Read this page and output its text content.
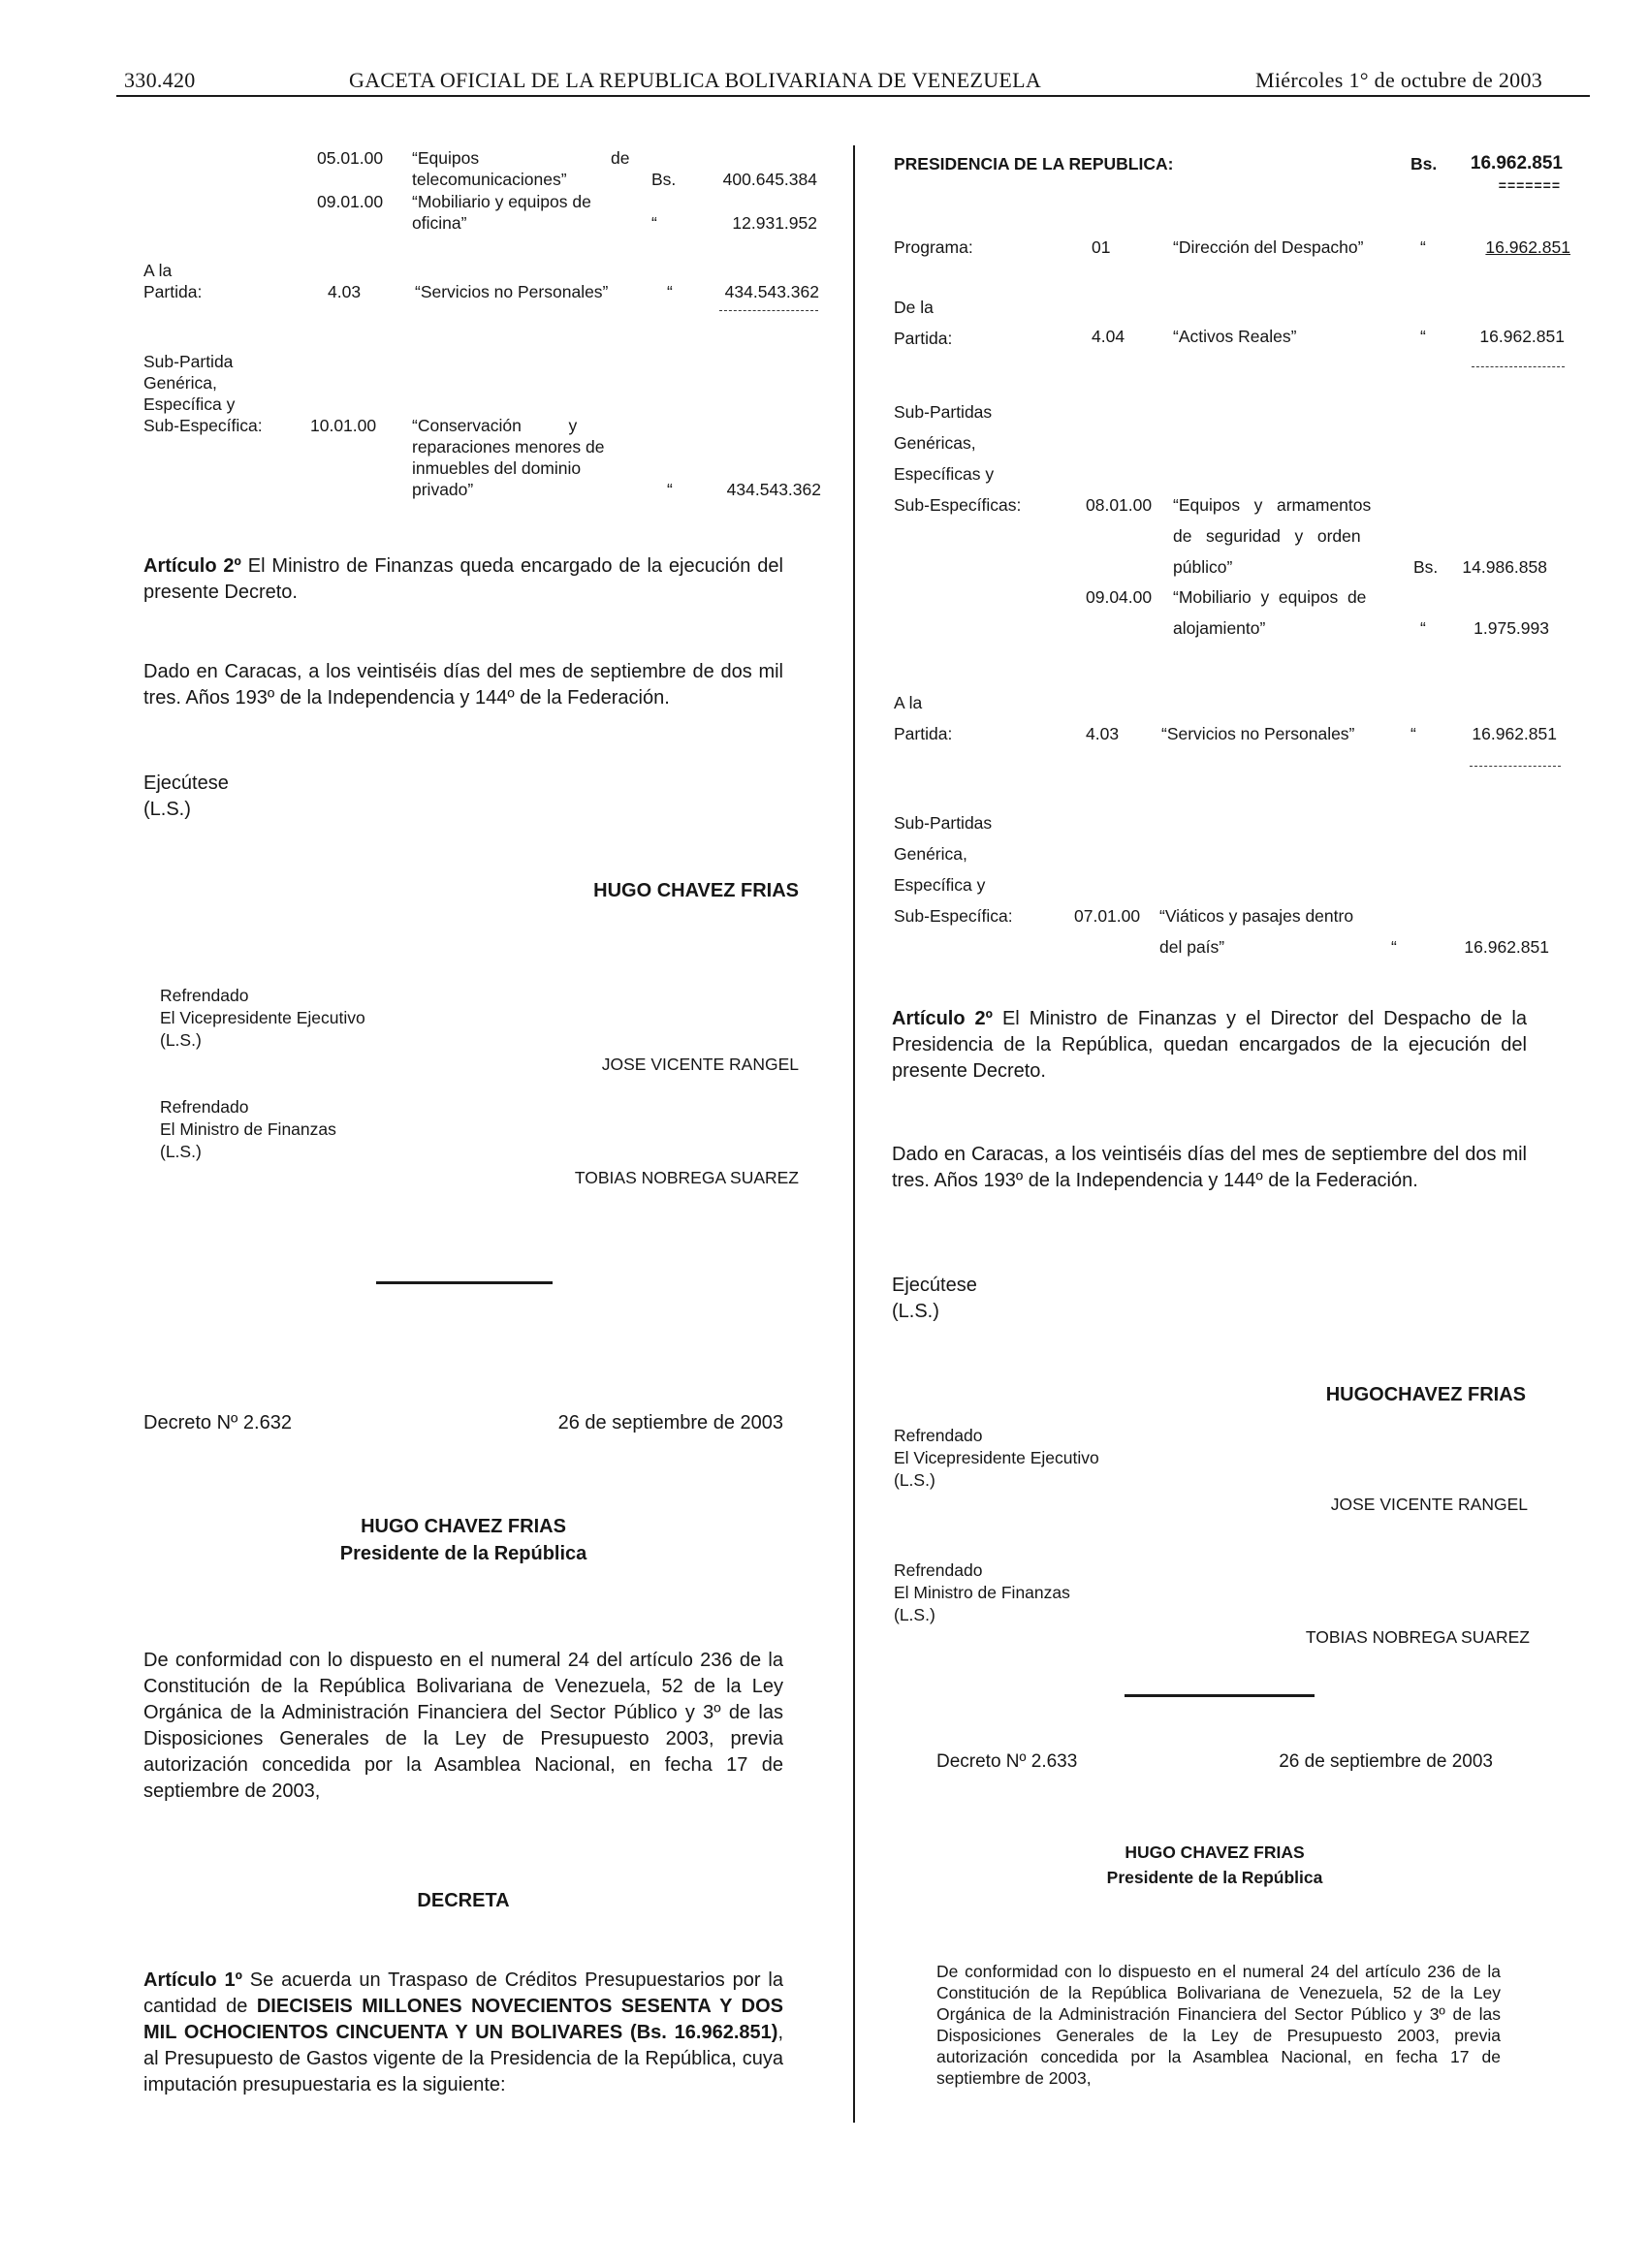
330.420	GACETA OFICIAL DE LA REPUBLICA BOLIVARIANA DE VENEZUELA	Miércoles 1° de octubre de 2003
05.01.00 “Equipos	de
telecomunicaciones”	Bs.	400.645.384
09.01.00 “Mobiliario y equipos de
oficina”	“	12.931.952
A la
Partida:	4.03	“Servicios no Personales”	“	434.543.362
Sub-Partida
Genérica,
Específica y
Sub-Específica:	10.01.00 “Conservación          y
reparaciones menores de
inmuebles del dominio
privado”	“	434.543.362
Artículo 2º El Ministro de Finanzas queda encargado de la ejecución del presente Decreto.
Dado en Caracas, a los veintiséis días del mes de septiembre de dos mil tres. Años 193º de la Independencia y 144º de la Federación.
Ejecútese
(L.S.)
HUGO CHAVEZ FRIAS
Refrendado
El Vicepresidente Ejecutivo
(L.S.)
JOSE VICENTE RANGEL
Refrendado
El Ministro de Finanzas
(L.S.)
TOBIAS NOBREGA SUAREZ
Decreto Nº 2.632	26 de septiembre de 2003
HUGO CHAVEZ FRIAS
Presidente de la República
De conformidad con lo dispuesto en el numeral 24 del artículo 236 de la Constitución de la República Bolivariana de Venezuela, 52 de la Ley Orgánica de la Administración Financiera del Sector Público y 3º de las Disposiciones Generales de la Ley de Presupuesto 2003, previa autorización concedida por la Asamblea Nacional, en fecha 17 de septiembre de 2003,
DECRETA
Artículo 1º Se acuerda un Traspaso de Créditos Presupuestarios por la cantidad de DIECISEIS MILLONES NOVECIENTOS SESENTA Y DOS MIL OCHOCIENTOS CINCUENTA Y UN BOLIVARES (Bs. 16.962.851), al Presupuesto de Gastos vigente de la Presidencia de la República, cuya imputación presupuestaria es la siguiente:
PRESIDENCIA DE LA REPUBLICA:	Bs.	16.962.851
=======
Programa:	01	“Dirección del Despacho”	“	16.962.851
De la
Partida:	4.04	“Activos Reales”	“	16.962.851
Sub-Partidas
Genéricas,
Específicas y
Sub-Específicas:	08.01.00 “Equipos   y   armamentos
de   seguridad   y   orden
público”	Bs.	14.986.858
09.04.00 “Mobiliario  y  equipos  de
alojamiento”	“	1.975.993
A la
Partida:	4.03	“Servicios no Personales”	“	16.962.851
Sub-Partidas
Genérica,
Específica y
Sub-Específica:	07.01.00 “Viáticos y pasajes dentro
del país”	“	16.962.851
Artículo 2º El Ministro de Finanzas y el Director del Despacho de la Presidencia de la República, quedan encargados de la ejecución del presente Decreto.
Dado en Caracas, a los veintiséis días del mes de septiembre del dos mil tres. Años 193º de la Independencia y 144º de la Federación.
Ejecútese
(L.S.)
HUGOCHAVEZ FRIAS
Refrendado
El Vicepresidente Ejecutivo
(L.S.)
JOSE VICENTE RANGEL
Refrendado
El Ministro de Finanzas
(L.S.)
TOBIAS NOBREGA SUAREZ
Decreto Nº 2.633	26 de septiembre de 2003
HUGO CHAVEZ FRIAS
Presidente de la República
De conformidad con lo dispuesto en el numeral 24 del artículo 236 de la Constitución de la República Bolivariana de Venezuela, 52 de la Ley Orgánica de la Administración Financiera del Sector Público y 3º de las Disposiciones Generales de la Ley de Presupuesto 2003, previa autorización concedida por la Asamblea Nacional, en fecha 17 de septiembre de 2003,
